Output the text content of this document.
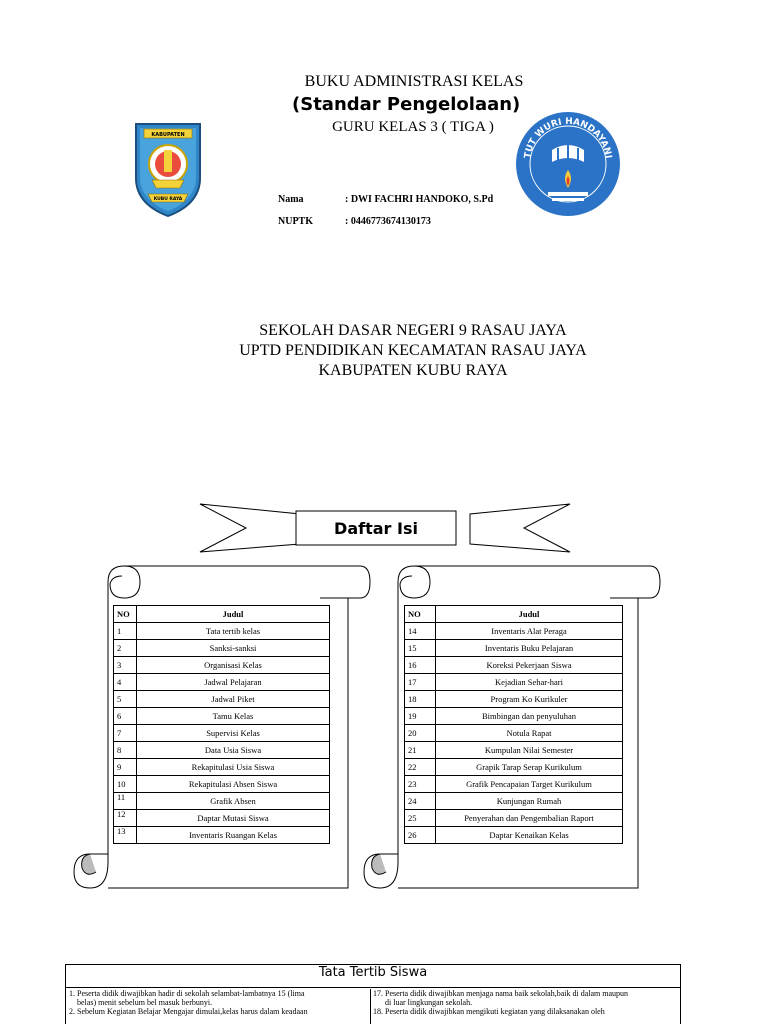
BUKU ADMINISTRASI KELAS
(Standar Pengelolaan)
GURU KELAS 3 ( TIGA )
KABUPATEN
KUBU RAYA
TUT WURI HANDAYANI
Nama	: DWI FACHRI HANDOKO, S.Pd
NUPTK	: 0446773674130173
SEKOLAH DASAR NEGERI 9 RASAU JAYA
UPTD PENDIDIKAN KECAMATAN RASAU JAYA
KABUPATEN KUBU RAYA
Daftar Isi
NO	Judul
1	Tata tertib kelas
2	Sanksi-sanksi
3	Organisasi Kelas
4	Jadwal Pelajaran
5	Jadwal Piket
6	Tamu Kelas
7	Supervisi Kelas
8	Data Usia Siswa
9	Rekapitulasi Usia Siswa
10	Rekapitulasi Absen Siswa
11	Grafik Absen
12	Daptar Mutasi Siswa
13	Inventaris Ruangan Kelas
NO	Judul
14	Inventaris Alat Peraga
15	Inventaris Buku Pelajaran
16	Koreksi Pekerjaan Siswa
17	Kejadian Sehar-hari
18	Program Ko Kurikuler
19	Bimbingan dan penyuluhan
20	Notula Rapat
21	Kumpulan Nilai Semester
22	Grapik Tarap Serap Kurikulum
23	Grafik Pencapaian Target Kurikulum
24	Kunjungan Rumah
25	Penyerahan dan Pengembalian Raport
26	Daptar Kenaikan Kelas
Tata Tertib Siswa

1. Peserta didik diwajibkan hadir di sekolah selambat-lambatnya 15 (lima

belas) menit sebelum bel masuk berbunyi.

2. Sebelum Kegiatan Belajar Mengajar dimulai,kelas harus dalam keadaan

17. Peserta didik diwajibkan menjaga nama baik sekolah,baik di dalam maupun

di luar lingkungan sekolah.

18. Peserta didik diwajibkan mengikuti kegiatan yang dilaksanakan oleh
